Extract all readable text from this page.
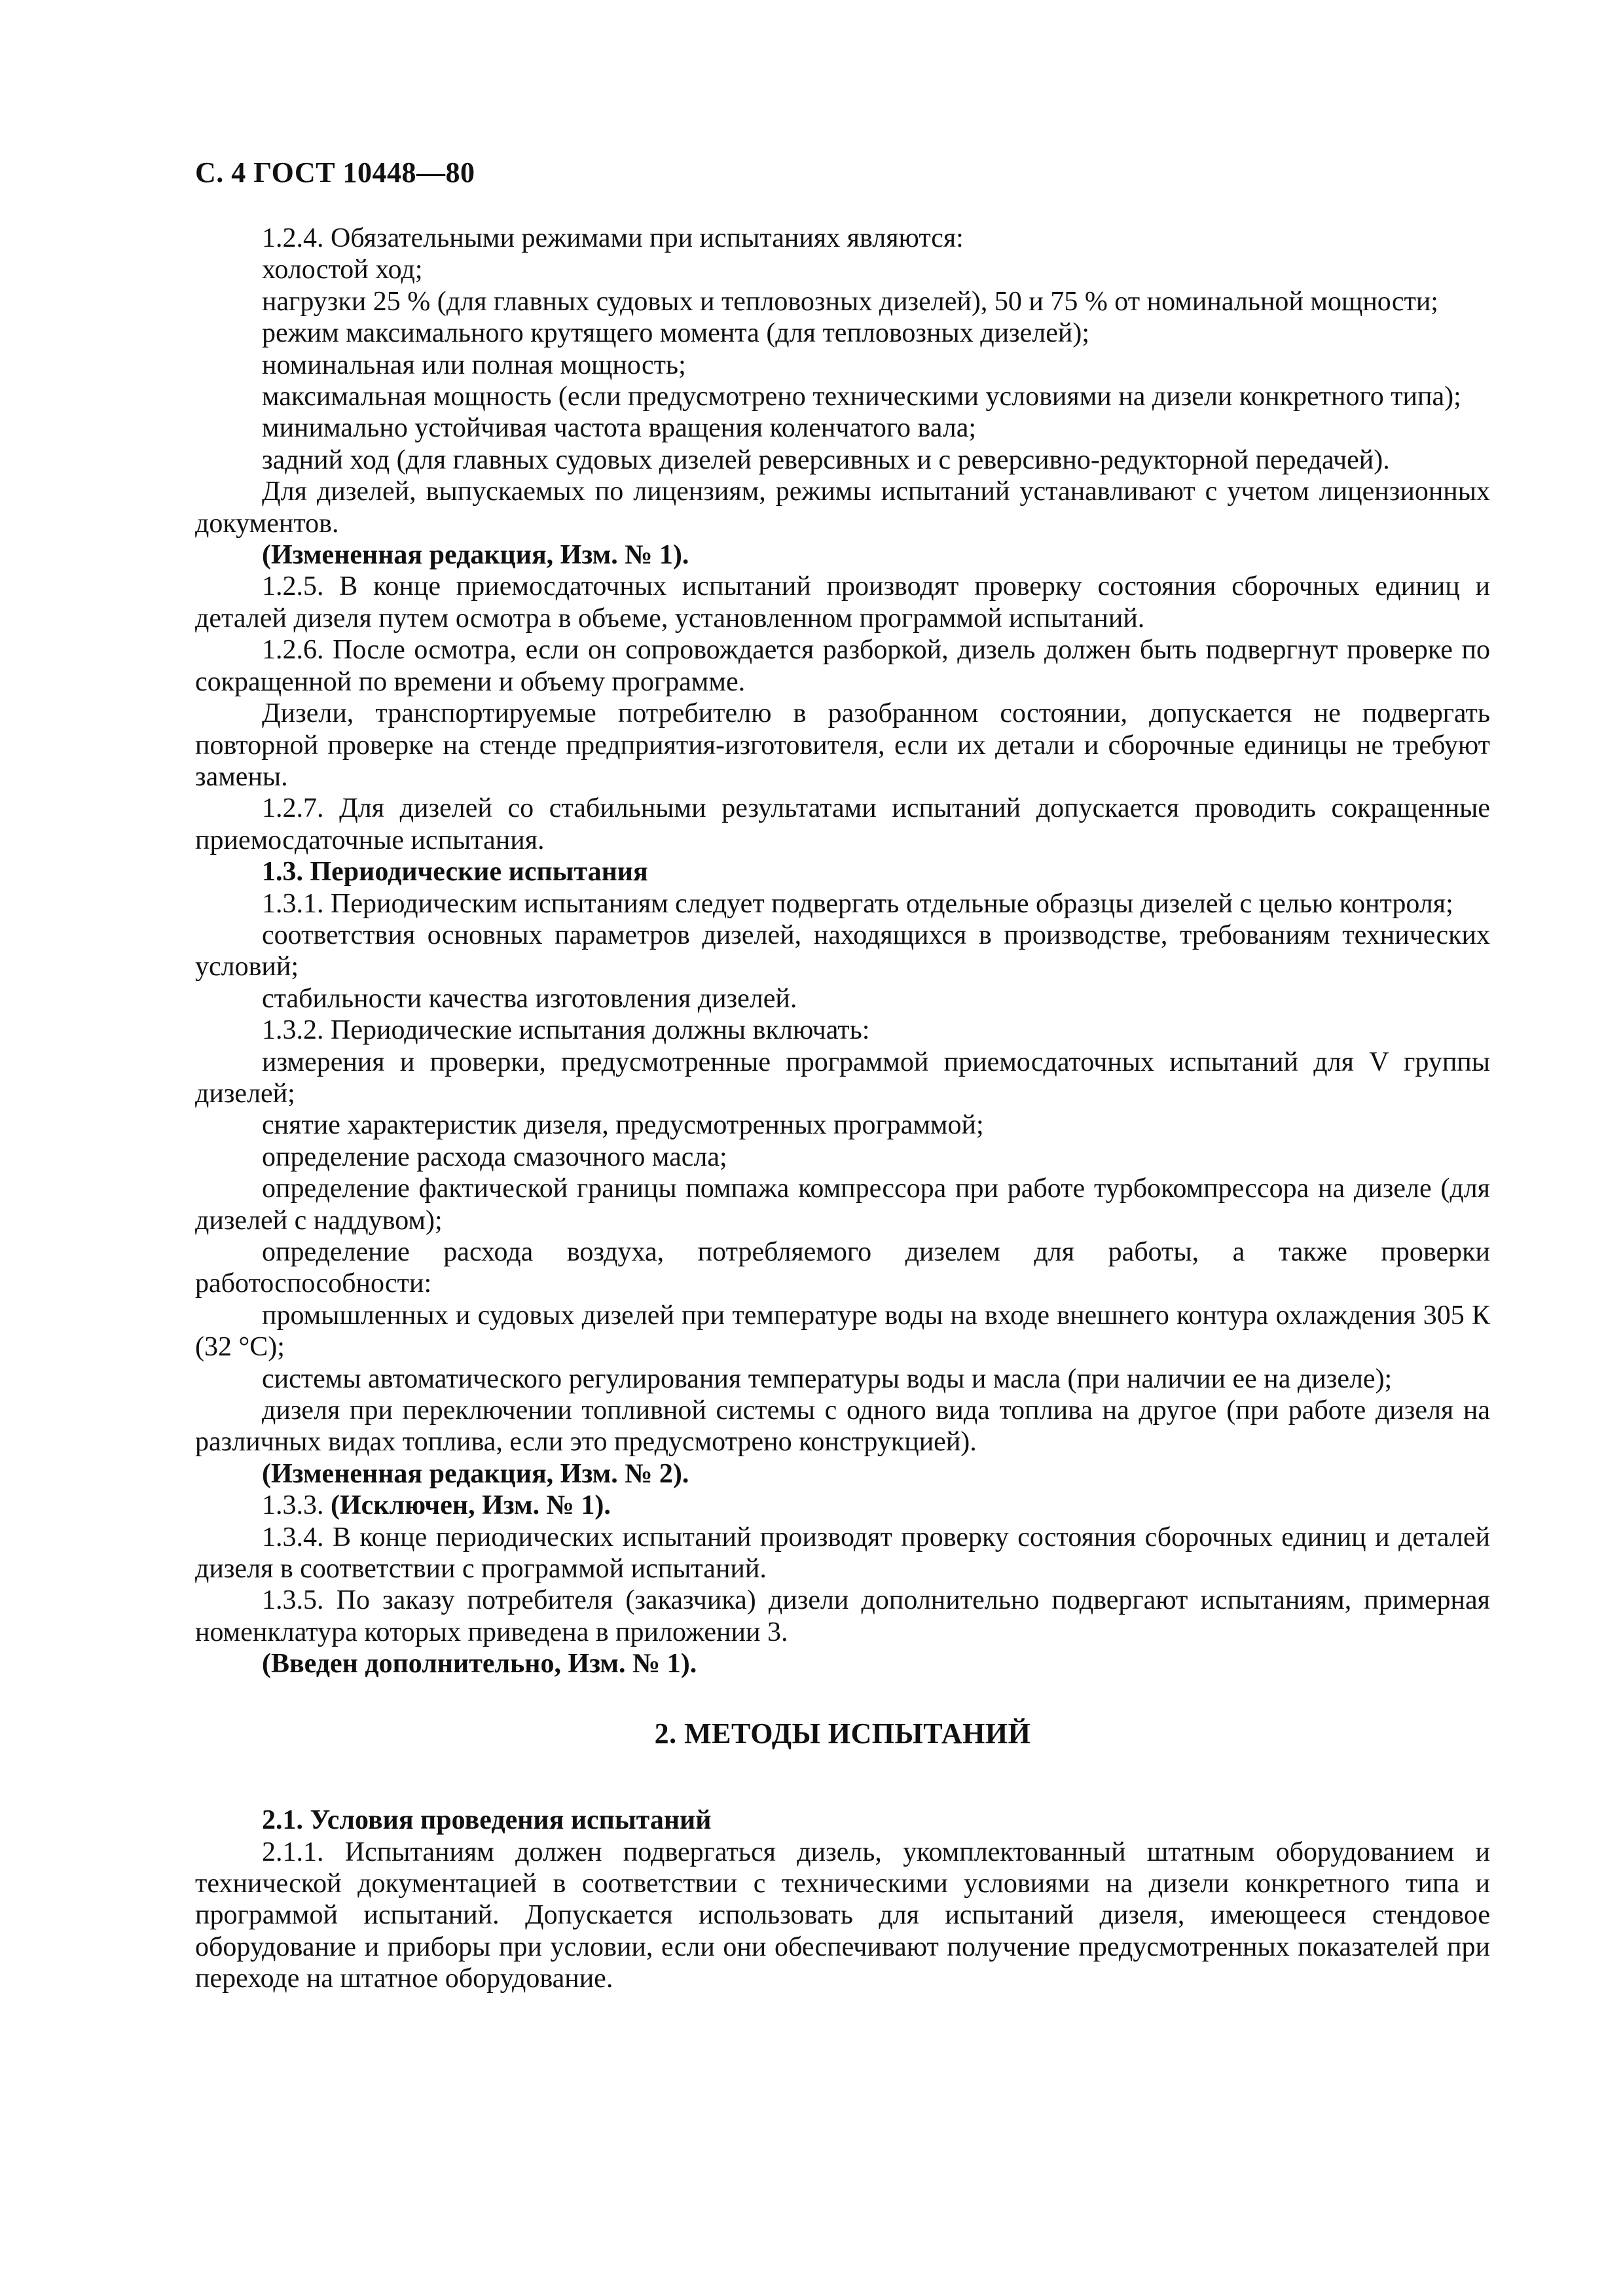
С. 4 ГОСТ 10448—80

1.2.4. Обязательными режимами при испытаниях являются:

холостой ход;

нагрузки 25 % (для главных судовых и тепловозных дизелей), 50 и 75 % от номинальной мощности;

режим максимального крутящего момента (для тепловозных дизелей);

номинальная или полная мощность;

максимальная мощность (если предусмотрено техническими условиями на дизели конкретного типа);

минимально устойчивая частота вращения коленчатого вала;

задний ход (для главных судовых дизелей реверсивных и с реверсивно-редукторной передачей).

Для дизелей, выпускаемых по лицензиям, режимы испытаний устанавливают с учетом лицензионных документов.

(Измененная редакция, Изм. № 1).

1.2.5. В конце приемосдаточных испытаний производят проверку состояния сборочных единиц и деталей дизеля путем осмотра в объеме, установленном программой испытаний.

1.2.6. После осмотра, если он сопровождается разборкой, дизель должен быть подвергнут проверке по сокращенной по времени и объему программе.

Дизели, транспортируемые потребителю в разобранном состоянии, допускается не подвергать повторной проверке на стенде предприятия-изготовителя, если их детали и сборочные единицы не требуют замены.

1.2.7. Для дизелей со стабильными результатами испытаний допускается проводить сокращенные приемосдаточные испытания.

1.3. Периодические испытания

1.3.1. Периодическим испытаниям следует подвергать отдельные образцы дизелей с целью контроля;

соответствия основных параметров дизелей, находящихся в производстве, требованиям технических условий;

стабильности качества изготовления дизелей.

1.3.2. Периодические испытания должны включать:

измерения и проверки, предусмотренные программой приемосдаточных испытаний для V группы дизелей;

снятие характеристик дизеля, предусмотренных программой;

определение расхода смазочного масла;

определение фактической границы помпажа компрессора при работе турбокомпрессора на дизеле (для дизелей с наддувом);

определение расхода воздуха, потребляемого дизелем для работы, а также проверки работоспособности:

промышленных и судовых дизелей при температуре воды на входе внешнего контура охлаждения 305 К (32 °С);

системы автоматического регулирования температуры воды и масла (при наличии ее на дизеле);

дизеля при переключении топливной системы с одного вида топлива на другое (при работе дизеля на различных видах топлива, если это предусмотрено конструкцией).

(Измененная редакция, Изм. № 2).

1.3.3. (Исключен, Изм. № 1).

1.3.4. В конце периодических испытаний производят проверку состояния сборочных единиц и деталей дизеля в соответствии с программой испытаний.

1.3.5. По заказу потребителя (заказчика) дизели дополнительно подвергают испытаниям, примерная номенклатура которых приведена в приложении 3.

(Введен дополнительно, Изм. № 1).

2. МЕТОДЫ ИСПЫТАНИЙ

2.1. Условия проведения испытаний

2.1.1. Испытаниям должен подвергаться дизель, укомплектованный штатным оборудованием и технической документацией в соответствии с техническими условиями на дизели конкретного типа и программой испытаний. Допускается использовать для испытаний дизеля, имеющееся стендовое оборудование и приборы при условии, если они обеспечивают получение предусмотренных показателей при переходе на штатное оборудование.
